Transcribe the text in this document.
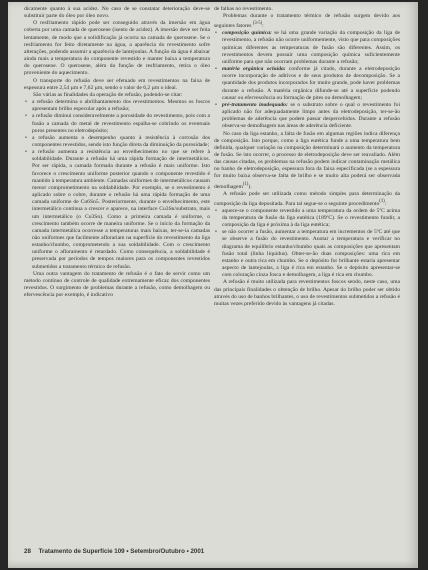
dicamente quanto à sua acidez. No caso de se constatar deterioração deve-se substituir parte do óleo por óleo novo.

O resfriamento rápido pode ser conseguido através da imersão em água coberta por uma camada de querosene (isento de acidez). A imersão deve ser feita lentamente, de modo que a solidificação já ocorra na camada de querosene. Se o resfriamento for feito diretamente na água, a aparência do revestimento sofre alterações, podendo assumir a aparência de lantejoulas. A função da água é abaixar ainda mais a temperatura do componente revestido e manter baixa a temperatura do querosene. O querosene, além da função de resfriamento, retira o óleo proveniente do aquecimento.

O transporte do refusão deve ser efetuado em revestimentos na faixa de espessura entre 2,54 µm e 7,62 µm, sendo o valor de 6,2 µm o ideal.

São várias as finalidades da operação de refusão, podendo-se citar:

• a refusão determina o abrilhantamento dos revestimentos. Mesmos os foscos apresentam brilho especular após a refusão;
• a refusão diminui consideravelmente a porosidade do revestimento, pois com a fusão a camada do metal de revestimento espalha-se cobrindo os eventuais poros presentes no eletrodepósito;
• a refusão aumenta o desempenho quanto à resistência à corrosão dos componentes revestidos, sendo isto função direta da diminuição da porosidade;
• a refusão aumenta a resistência ao envelhecimento no que se refere à soldabilidade. Durante a refusão há uma rápida formação de intermetálicos. Por ser rápida, a camada formada durante a refusão é mais uniforme. Isto favorece o crescimento uniforme posterior quando o componente revestido é mantido à temperatura ambiente. Camadas uniformes de intermetálicos causam menor comprometimento na soldabilidade. Por exemplo, se o revestimento é aplicado sobre o cobre, durante o refusão há uma rápida formação de uma camada uniforme de Cu6Sn5. Posteriormente, durante o envelhecimento, este intermetálico continua a crescer e aparece, na interface Cu3Sn/substrato, mais um intermetálico (o Cu3Sn). Como a primeira camada é uniforme, o crescimento também ocorre de maneira uniforme. Se o início da formação da camada intermetálica ocorresse a temperaturas mais baixas, ter-se-ia camadas não uniformes que facilmente aflorariam na superfície do revestimento da liga estanho/chumbo, comprometendo a sua soldabilidade. Com o crescimento uniforme o afloramento é retardado. Como consequência, a soldabilidade é preservada por períodos de tempos maiores para os componentes revestidos submetidos a tratamento térmico de refusão.

Uma outra vantagem do tratamento de refusão é o fato de servir como um método contínuo de controle de qualidade extremamente eficaz dos componentes revestidos. O surgimento de problemas durante a refusão, como demolhagem ou efervescência por exemplo, é indicativo

de falhas no revestimento.

Problemas durante o tratamento térmico de refusão surgem devido aos seguintes fatores $^{(3-5)}$:

• composição química: se há uma grande variação da composição da liga de revestimento, a refusão não ocorre uniformemente, visto que para composições químicas diferentes as temperaturas de fusão são diferentes. Assim, os revestimentos devem possuir uma composição química suficientemente uniforme para que não ocorram problemas durante a refusão;
• matéria orgânica ocluída: conforme já citado, durante a eletrodeposição ocorre incorporação de aditivos e de seus produtos de decomposição. Se a quantidade dos produtos incorporados for muito grande, pode haver problemas durante a refusão. A matéria orgânica difunde-se até a superfície podendo causar ou efervescência ou formação de pites ou demolhagem;
• pré-tratamento inadequado: se o substrato sobre o qual o revestimento foi aplicado não for adequadamente limpo antes da eletrodeposição, ter-se-ão problemas de aderência que podem passar despercebidos. Durante a refusão observa-se demolhagem nas áreas de aderência deficiente.

No caso da liga estanho, a falta de fusão em algumas regiões indica diferença de composição. Isto porque, como a liga eutética funde a uma temperatura bem definida, qualquer variação na composição determinará o aumento da temperatura de fusão. Se isto ocorrer, o processo de eletrodeposição deve ser reavaliado. Além das causas citadas, os problemas na refusão podem indicar contaminação metálica no banho de eletrodeposição, espessura fora da faixa especificada (se a espessura for muito baixa observa-se falta de brilho e se muito alta poderá ser observada demolhagem$^{(1)}$).

A refusão pode ser utilizada como método simples para determinação da composição da liga depositada. Para tal segue-se o seguinte procedimento$^{(1)}$:

• aquece-se o componente revestido a uma temperatura da ordem de 5ºC acima da temperatura de fusão da liga eutética (189ºC). Se o revestimento fundir, a composição da liga é próxima à da liga eutética;
• se não ocorrer a fusão, aumentar a temperatura em incrementos de 5ºC até que se observe a fusão do revestimento. Anotar a temperatura e verificar no diagrama de equilíbrio estanho/chumbo quais as composições que apresentam fusão total (linha liquidus). Obter-se-ão duas composições: uma rica em estanho e outra rica em chumbo. Se o depósito for brilhante estaria apresentar aspecto de lantejoulas, a liga é rica em estanho. Se o depósito apresentar-se com coloração cinza fosca e demolhagem, a liga é rica em chumbo.

A refusão é muito utilizada para revestimentos foscos sendo, neste caso, uma das principais finalidades o obtenção de brilho. Apesar do brilho poder ser obtido através do uso de banhos brilhantes, o uso de revestimentos submetidos a refusão é muitas vezes preferido devido às vantagens já citadas.

28 Tratamento de Superfície 109 • Setembro/Outubro • 2001
